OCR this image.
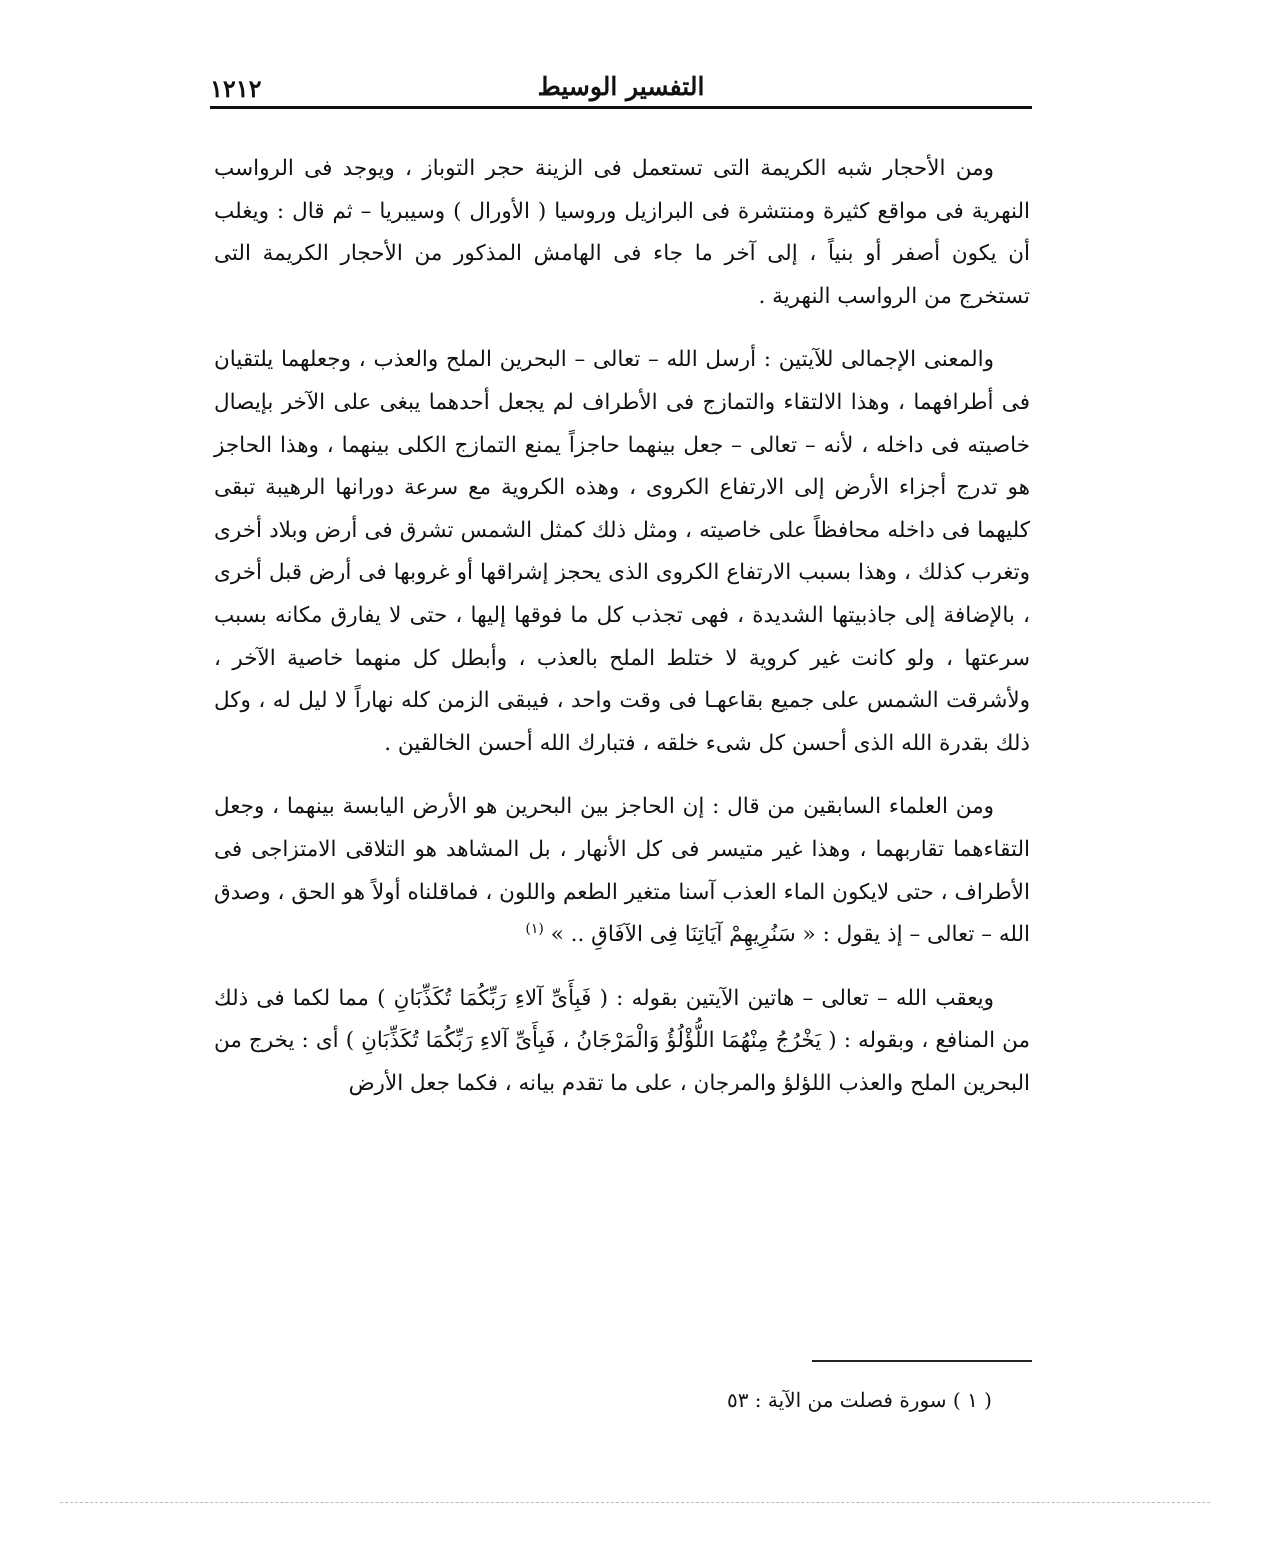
١٢١٢	التفسير الوسيط

ومن الأحجار شبه الكريمة التى تستعمل فى الزينة حجر التوباز ، ويوجد فى الرواسب النهرية فى مواقع كثيرة ومنتشرة فى البرازيل وروسيا ( الأورال ) وسيبريا – ثم قال : ويغلب أن يكون أصفر أو بنياً ، إلى آخر ما جاء فى الهامش المذكور من الأحجار الكريمة التى تستخرج من الرواسب النهرية .

والمعنى الإجمالى للآيتين : أرسل الله – تعالى – البحرين الملح والعذب ، وجعلهما يلتقيان فى أطرافهما ، وهذا الالتقاء والتمازج فى الأطراف لم يجعل أحدهما يبغى على الآخر بإيصال خاصيته فى داخله ، لأنه – تعالى – جعل بينهما حاجزاً يمنع التمازج الكلى بينهما ، وهذا الحاجز هو تدرج أجزاء الأرض إلى الارتفاع الكروى ، وهذه الكروية مع سرعة دورانها الرهيبة تبقى كليهما فى داخله محافظاً على خاصيته ، ومثل ذلك كمثل الشمس تشرق فى أرض وبلاد أخرى وتغرب كذلك ، وهذا بسبب الارتفاع الكروى الذى يحجز إشراقها أو غروبها فى أرض قبل أخرى ، بالإضافة إلى جاذبيتها الشديدة ، فهى تجذب كل ما فوقها إليها ، حتى لا يفارق مكانه بسبب سرعتها ، ولو كانت غير كروية لا ختلط الملح بالعذب ، وأبطل كل منهما خاصية الآخر ، ولأشرقت الشمس على جميع بقاعهـا فى وقت واحد ، فيبقى الزمن كله نهاراً لا ليل له ، وكل ذلك بقدرة الله الذى أحسن كل شىء خلقه ، فتبارك الله أحسن الخالقين .

ومن العلماء السابقين من قال : إن الحاجز بين البحرين هو الأرض اليابسة بينهما ، وجعل التقاءهما تقاربهما ، وهذا غير متيسر فى كل الأنهار ، بل المشاهد هو التلاقى الامتزاجى فى الأطراف ، حتى لايكون الماء العذب آسنا متغير الطعم واللون ، فماقلناه أولاً هو الحق ، وصدق الله – تعالى – إذ يقول : « سَنُرِيهِمْ آيَاتِنَا فِى الآفَاقِ .. » $^{(١)}$

ويعقب الله – تعالى – هاتين الآيتين بقوله : ( فَبِأَىِّ آلاءِ رَبِّكُمَا تُكَذِّبَانِ ) مما لكما فى ذلك من المنافع ، وبقوله : ( يَخْرُجُ مِنْهُمَا اللُّؤْلُؤُ وَالْمَرْجَانُ ، فَبِأَىِّ آلاءِ رَبِّكُمَا تُكَذِّبَانِ ) أى : يخرج من البحرين الملح والعذب اللؤلؤ والمرجان ، على ما تقدم بيانه ، فكما جعل الأرض

( ١ ) سورة فصلت من الآية : ٥٣
